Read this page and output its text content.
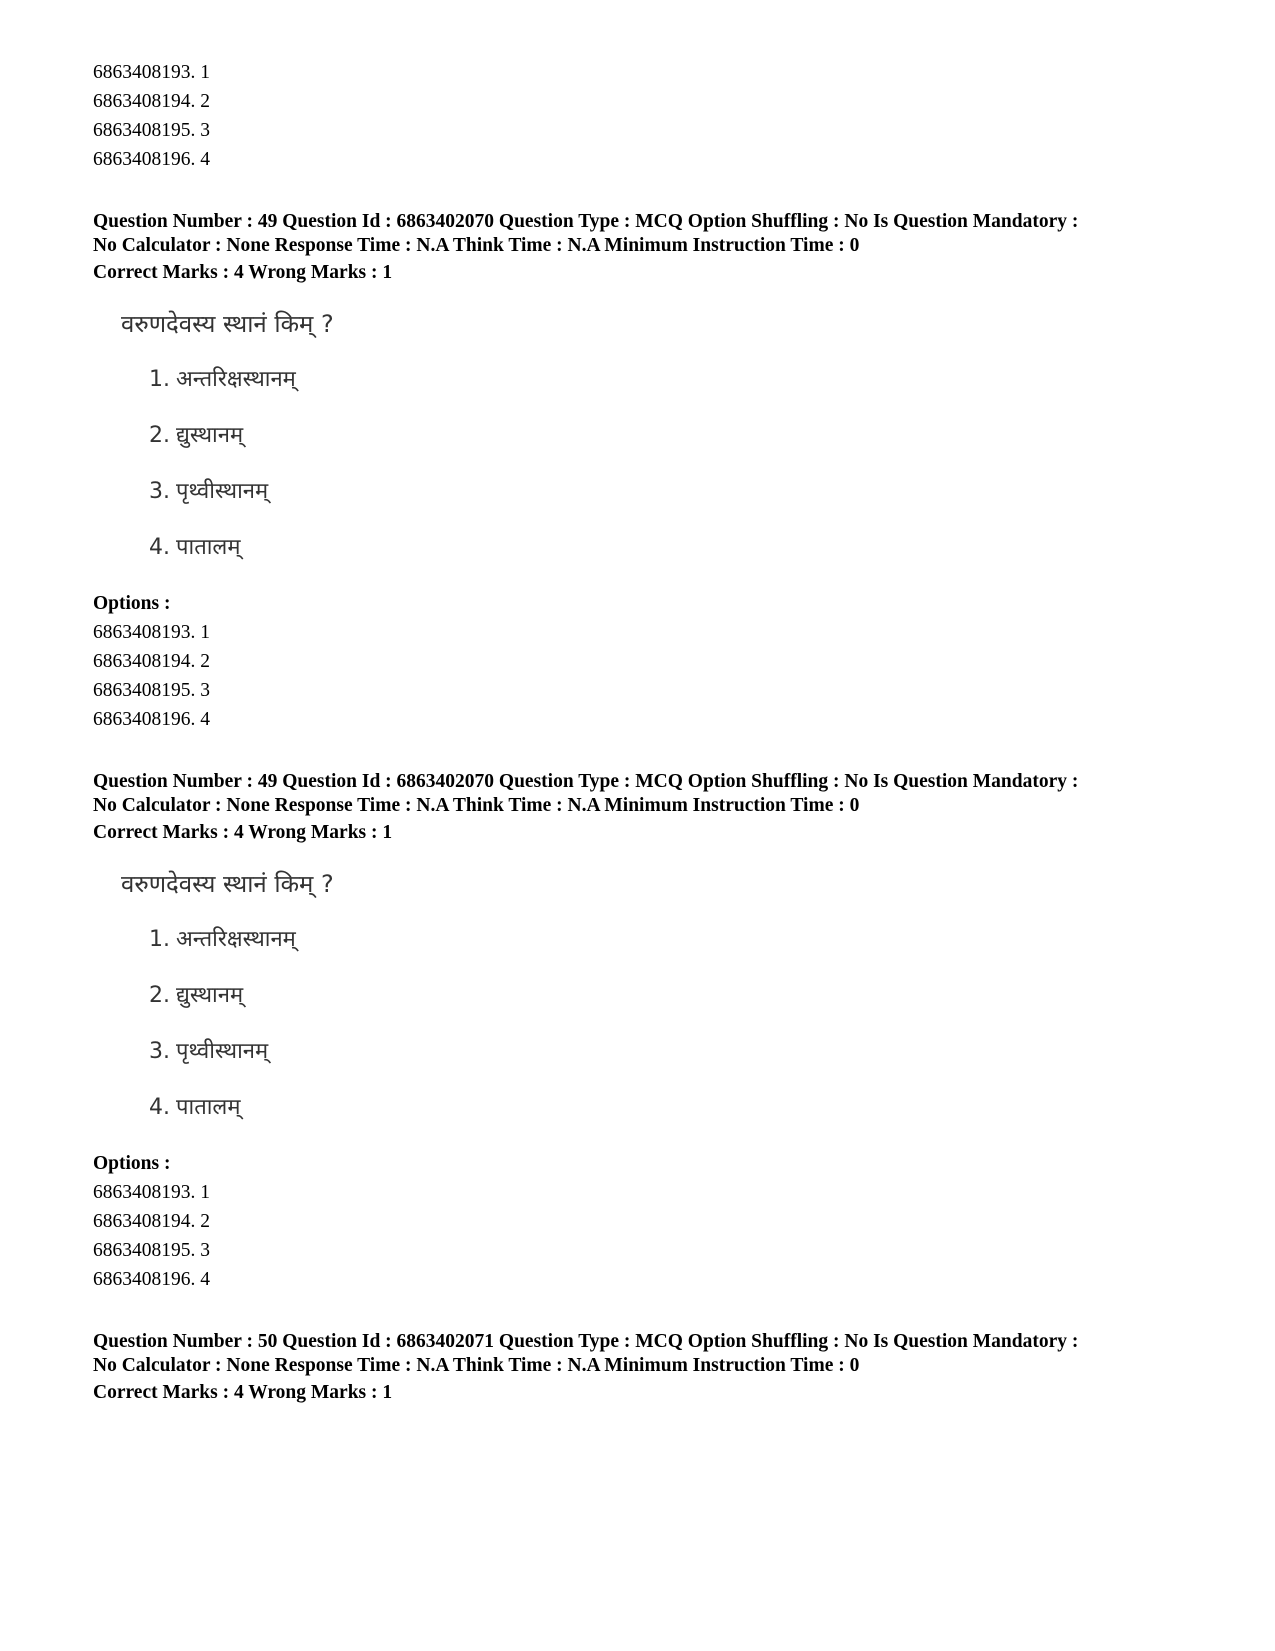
6863408193. 1
6863408194. 2
6863408195. 3
6863408196. 4
Question Number : 49 Question Id : 6863402070 Question Type : MCQ Option Shuffling : No Is Question Mandatory :
No Calculator : None Response Time : N.A Think Time : N.A Minimum Instruction Time : 0
Correct Marks : 4 Wrong Marks : 1
वरुणदेवस्य स्थानं किम् ?
1. अन्तरिक्षस्थानम्
2. द्युस्थानम्
3. पृथ्वीस्थानम्
4. पातालम्
Options :
6863408193. 1
6863408194. 2
6863408195. 3
6863408196. 4
Question Number : 49 Question Id : 6863402070 Question Type : MCQ Option Shuffling : No Is Question Mandatory :
No Calculator : None Response Time : N.A Think Time : N.A Minimum Instruction Time : 0
Correct Marks : 4 Wrong Marks : 1
वरुणदेवस्य स्थानं किम् ?
1. अन्तरिक्षस्थानम्
2. द्युस्थानम्
3. पृथ्वीस्थानम्
4. पातालम्
Options :
6863408193. 1
6863408194. 2
6863408195. 3
6863408196. 4
Question Number : 50 Question Id : 6863402071 Question Type : MCQ Option Shuffling : No Is Question Mandatory :
No Calculator : None Response Time : N.A Think Time : N.A Minimum Instruction Time : 0
Correct Marks : 4 Wrong Marks : 1
